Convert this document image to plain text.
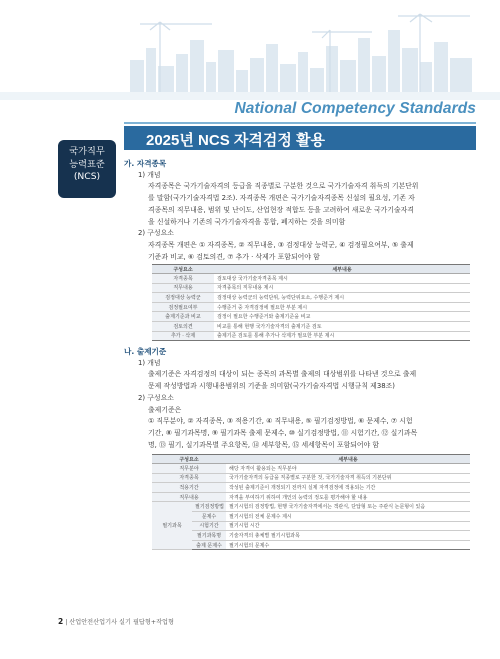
National Competency Standards
2025년 NCS 자격검정 활용
국가직무
능력표준
(NCS)
가. 자격종목
1) 개념
자격종목은 국가기술자격의 등급을 직종별로 구분한 것으로 국가기술자격 취득의 기본단위
를 말함(국가기술자격법 2조). 자격종목 개편은 국가기술자격종목 신설의 필요성, 기존 자
격종목의 직무내용, 범위 및 난이도, 산업현장 적합도 등을 고려하여 새로운 국가기술자격
을 신설하거나 기존의 국가기술자격을 통합, 폐지하는 것을 의미함
2) 구성요소
자격종목 개편은 ① 자격종목, ② 직무내용, ③ 검정대상 능력군, ④ 검정필요여부, ⑤ 출제
기준과 비교, ⑥ 검토의견, ⑦ 추가 · 삭제가 포함되어야 함
구성요소	세부내용
자격종목	검토대상 국가기술자격종목 제시
직무내용	자격종목의 직무내용 제시
검정대상 능력군	검정대상 능력군의 능력단위, 능력단위요소, 수행준거 제시
검정필요여부	수행준거 중 자격검정에 필요한 부분 제시
출제기준과 비교	검정이 필요한 수행준거와 출제기준을 비교
검토의견	비교를 통해 현행 국가기술자격의 출제기준 검토
추가 · 삭제	출제기준 검토를 통해 추가나 삭제가 필요한 부분 제시
나. 출제기준
1) 개념
출제기준은 자격검정의 대상이 되는 종목의 과목별 출제의 대상범위를 나타낸 것으로 출제
문제 작성방법과 시행내용범위의 기준을 의미함(국가기술자격법 시행규칙 제38조)
2) 구성요소
출제기준은
① 직무분야, ② 자격종목, ③ 적용기간, ④ 직무내용, ⑤ 필기검정방법, ⑥ 문제수, ⑦ 시험
기간, ⑧ 필기과목명, ⑨ 필기과목 출제 문제수, ⑩ 실기검정방법, ⑪ 시험기간, ⑫ 실기과목
명, ⑬ 필기, 실기과목별 주요항목, ⑭ 세부항목, ⑮ 세세항목이 포함되어야 함
구성요소		세부내용
직무분야		해당 자격이 활용되는 직무분야
자격종목		국가기술자격의 등급을 직종별로 구분한 것, 국가기술자격 취득의 기본단위
적용기간		작성된 출제기준이 개정되기 전까지 실제 자격검정에 적용되는 기간
직무내용		자격을 부여하기 위하여 개인의 능력의 정도를 평가해야 할 내용
필기과목	필기검정방법	필기시험의 검정방법, 현행 국가기술자격에서는 객관식, 단답형 또는 주관식 논문형이 있음
	문제수	필기시험의 전체 문제수 제시
	시험기간	필기시험 시간
	필기과목명	기술자격의 총체별 필기시험과목
	출제 문제수	필기시험의 문제수
2 | 산업안전산업기사 실기 필답형+작업형
